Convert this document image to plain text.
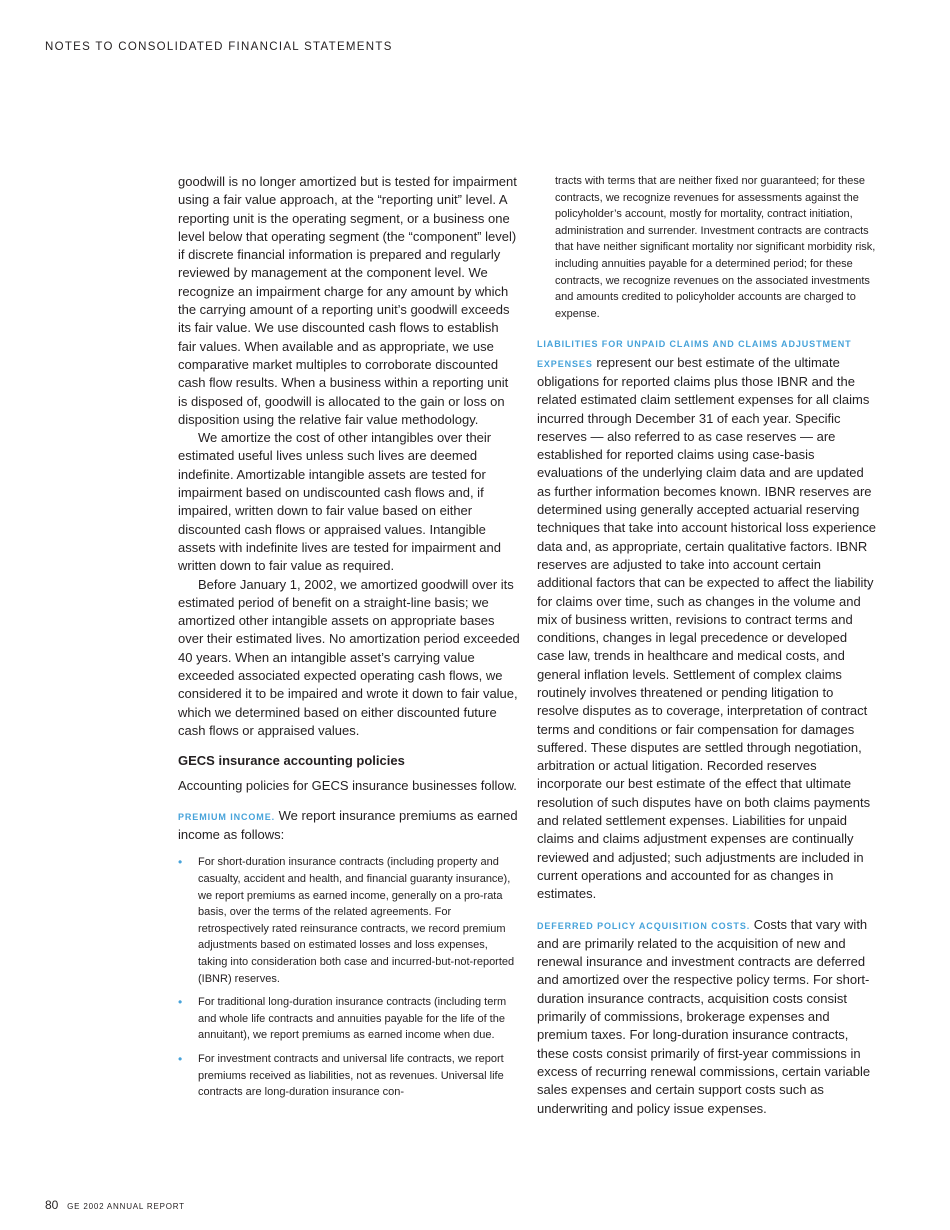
NOTES TO CONSOLIDATED FINANCIAL STATEMENTS

goodwill is no longer amortized but is tested for impairment using a fair value approach, at the “reporting unit” level. A reporting unit is the operating segment, or a business one level below that operating segment (the “component” level) if discrete financial information is prepared and regularly reviewed by management at the component level. We recognize an impairment charge for any amount by which the carrying amount of a reporting unit’s goodwill exceeds its fair value. We use discounted cash flows to establish fair values. When available and as appropriate, we use comparative market multiples to corroborate discounted cash flow results. When a business within a reporting unit is disposed of, goodwill is allocated to the gain or loss on disposition using the relative fair value methodology.

We amortize the cost of other intangibles over their estimated useful lives unless such lives are deemed indefinite. Amortizable intangible assets are tested for impairment based on undiscounted cash flows and, if impaired, written down to fair value based on either discounted cash flows or appraised values. Intangible assets with indefinite lives are tested for impairment and written down to fair value as required.

Before January 1, 2002, we amortized goodwill over its estimated period of benefit on a straight-line basis; we amortized other intangible assets on appropriate bases over their estimated lives. No amortization period exceeded 40 years. When an intangible asset’s carrying value exceeded associated expected operating cash flows, we considered it to be impaired and wrote it down to fair value, which we determined based on either discounted future cash flows or appraised values.

GECS insurance accounting policies

Accounting policies for GECS insurance businesses follow.

PREMIUM INCOME. We report insurance premiums as earned income as follows:

• For short-duration insurance contracts (including property and casualty, accident and health, and financial guaranty insurance), we report premiums as earned income, generally on a pro-rata basis, over the terms of the related agreements. For retrospectively rated reinsurance contracts, we record premium adjustments based on estimated losses and loss expenses, taking into consideration both case and incurred-but-not-reported (IBNR) reserves.
• For traditional long-duration insurance contracts (including term and whole life contracts and annuities payable for the life of the annuitant), we report premiums as earned income when due.
• For investment contracts and universal life contracts, we report premiums received as liabilities, not as revenues. Universal life contracts are long-duration insurance con-
tracts with terms that are neither fixed nor guaranteed; for these contracts, we recognize revenues for assessments against the policyholder’s account, mostly for mortality, contract initiation, administration and surrender. Investment contracts are contracts that have neither significant mortality nor significant morbidity risk, including annuities payable for a determined period; for these contracts, we recognize revenues on the associated investments and amounts credited to policyholder accounts are charged to expense.

LIABILITIES FOR UNPAID CLAIMS AND CLAIMS ADJUSTMENT EXPENSES represent our best estimate of the ultimate obligations for reported claims plus those IBNR and the related estimated claim settlement expenses for all claims incurred through December 31 of each year. Specific reserves — also referred to as case reserves — are established for reported claims using case-basis evaluations of the underlying claim data and are updated as further information becomes known. IBNR reserves are determined using generally accepted actuarial reserving techniques that take into account historical loss experience data and, as appropriate, certain qualitative factors. IBNR reserves are adjusted to take into account certain additional factors that can be expected to affect the liability for claims over time, such as changes in the volume and mix of business written, revisions to contract terms and conditions, changes in legal precedence or developed case law, trends in healthcare and medical costs, and general inflation levels. Settlement of complex claims routinely involves threatened or pending litigation to resolve disputes as to coverage, interpretation of contract terms and conditions or fair compensation for damages suffered. These disputes are settled through negotiation, arbitration or actual litigation. Recorded reserves incorporate our best estimate of the effect that ultimate resolution of such disputes have on both claims payments and related settlement expenses. Liabilities for unpaid claims and claims adjustment expenses are continually reviewed and adjusted; such adjustments are included in current operations and accounted for as changes in estimates.

DEFERRED POLICY ACQUISITION COSTS. Costs that vary with and are primarily related to the acquisition of new and renewal insurance and investment contracts are deferred and amortized over the respective policy terms. For short-duration insurance contracts, acquisition costs consist primarily of commissions, brokerage expenses and premium taxes. For long-duration insurance contracts, these costs consist primarily of first-year commissions in excess of recurring renewal commissions, certain variable sales expenses and certain support costs such as underwriting and policy issue expenses.

80 GE 2002 ANNUAL REPORT
